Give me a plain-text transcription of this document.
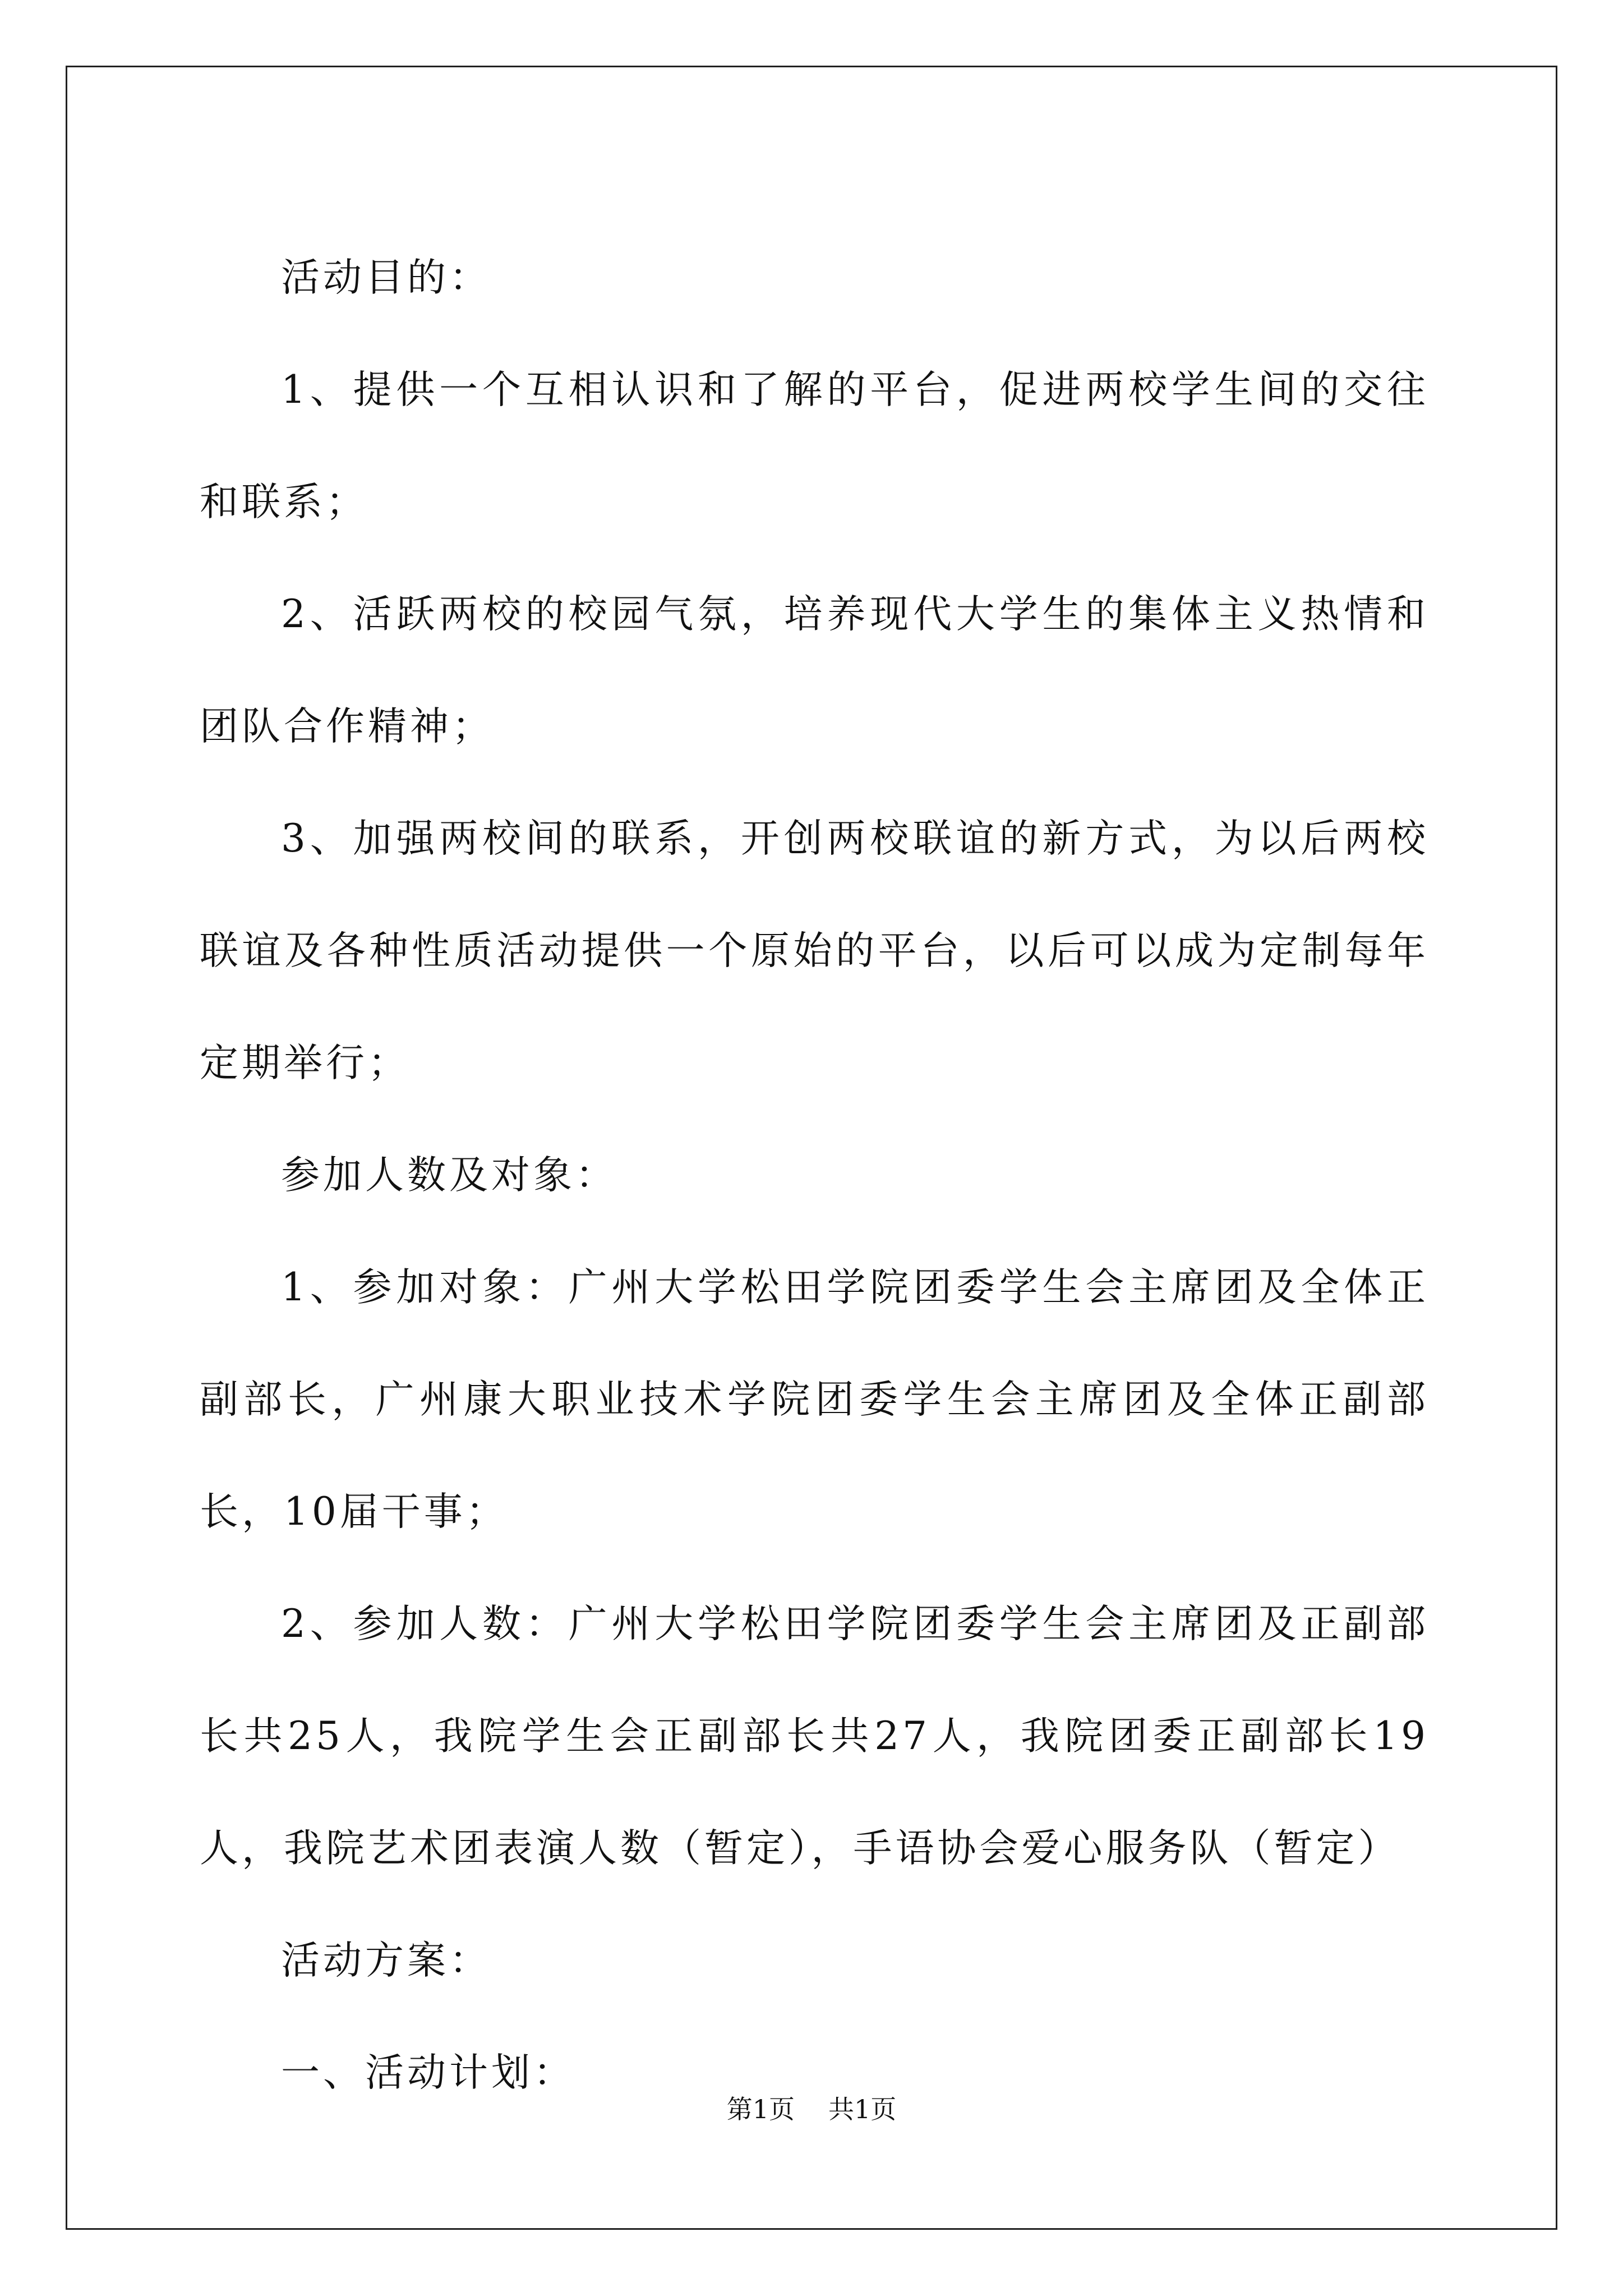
活动目的：

1、提供一个互相认识和了解的平台，促进两校学生间的交往和联系；

2、活跃两校的校园气氛，培养现代大学生的集体主义热情和团队合作精神；

3、加强两校间的联系，开创两校联谊的新方式，为以后两校联谊及各种性质活动提供一个原始的平台，以后可以成为定制每年定期举行；

参加人数及对象：

1、参加对象：广州大学松田学院团委学生会主席团及全体正副部长，广州康大职业技术学院团委学生会主席团及全体正副部长，10届干事；

2、参加人数：广州大学松田学院团委学生会主席团及正副部长共25人，我院学生会正副部长共27人，我院团委正副部长19人，我院艺术团表演人数（暂定），手语协会爱心服务队（暂定）

活动方案：

一、活动计划：

第1页 共1页
